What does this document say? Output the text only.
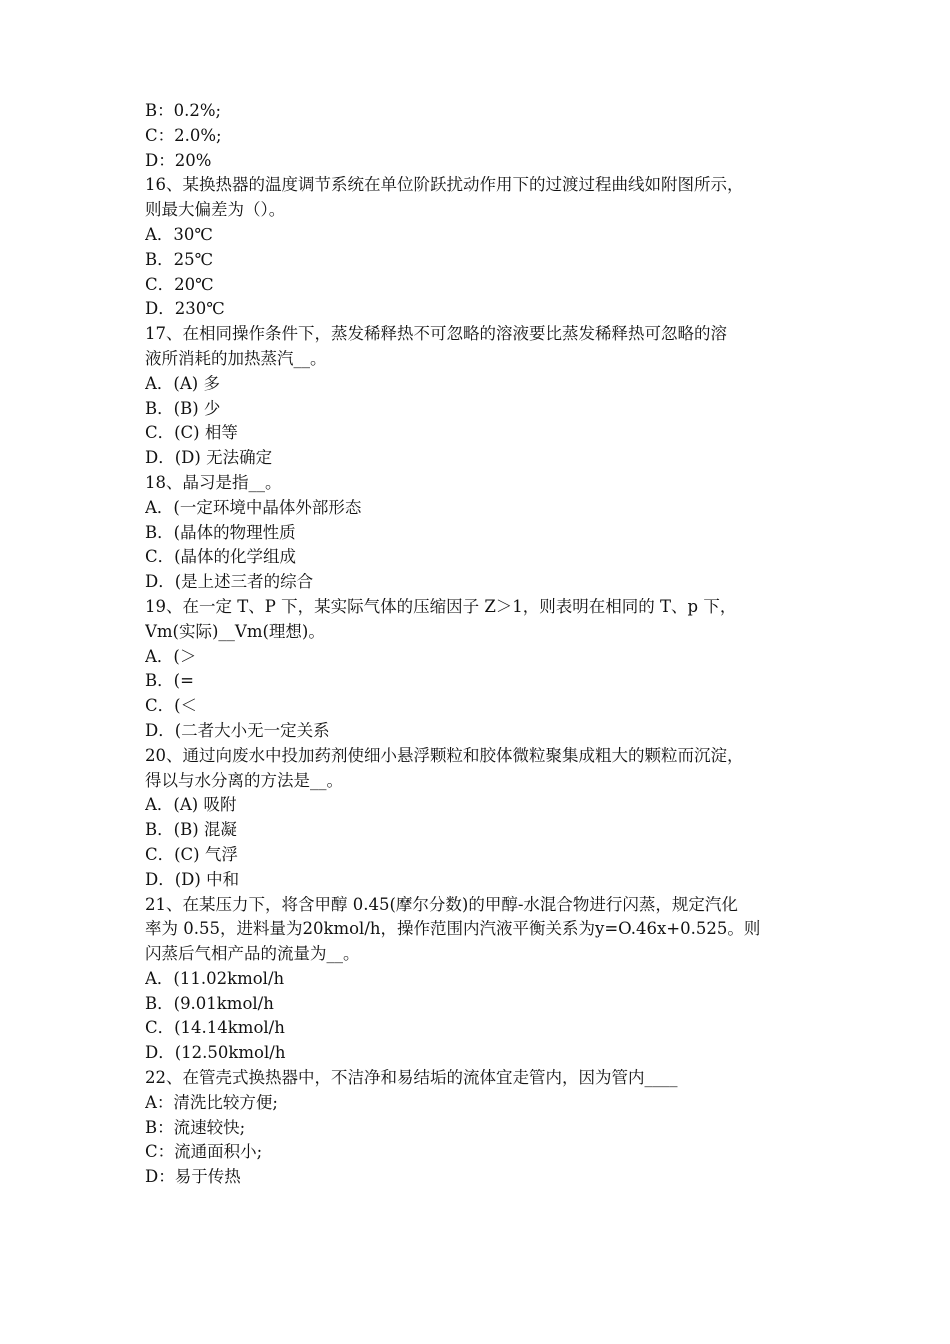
B：0.2%;
C：2.0%;
D：20%
16、某换热器的温度调节系统在单位阶跃扰动作用下的过渡过程曲线如附图所示，
则最大偏差为（）。
A．30℃
B．25℃
C．20℃
D．230℃
17、在相同操作条件下，蒸发稀释热不可忽略的溶液要比蒸发稀释热可忽略的溶
液所消耗的加热蒸汽__。
A．(A) 多
B．(B) 少
C．(C) 相等
D．(D) 无法确定
18、晶习是指__。
A．(一定环境中晶体外部形态
B．(晶体的物理性质
C．(晶体的化学组成
D．(是上述三者的综合
19、在一定 T、P 下，某实际气体的压缩因子 Z＞1，则表明在相同的 T、p 下，
Vm(实际)__Vm(理想)。
A．(＞
B．(=
C．(＜
D．(二者大小无一定关系
20、通过向废水中投加药剂使细小悬浮颗粒和胶体微粒聚集成粗大的颗粒而沉淀，
得以与水分离的方法是__。
A．(A) 吸附
B．(B) 混凝
C．(C) 气浮
D．(D) 中和
21、在某压力下，将含甲醇 0.45(摩尔分数)的甲醇-水混合物进行闪蒸，规定汽化
率为 0.55，进料量为20kmol/h，操作范围内汽液平衡关系为y=O.46x+0.525。则
闪蒸后气相产品的流量为__。
A．(11.02kmol/h
B．(9.01kmol/h
C．(14.14kmol/h
D．(12.50kmol/h
22、在管壳式换热器中，不洁净和易结垢的流体宜走管内，因为管内____
A：清洗比较方便;
B：流速较快;
C：流通面积小;
D：易于传热
